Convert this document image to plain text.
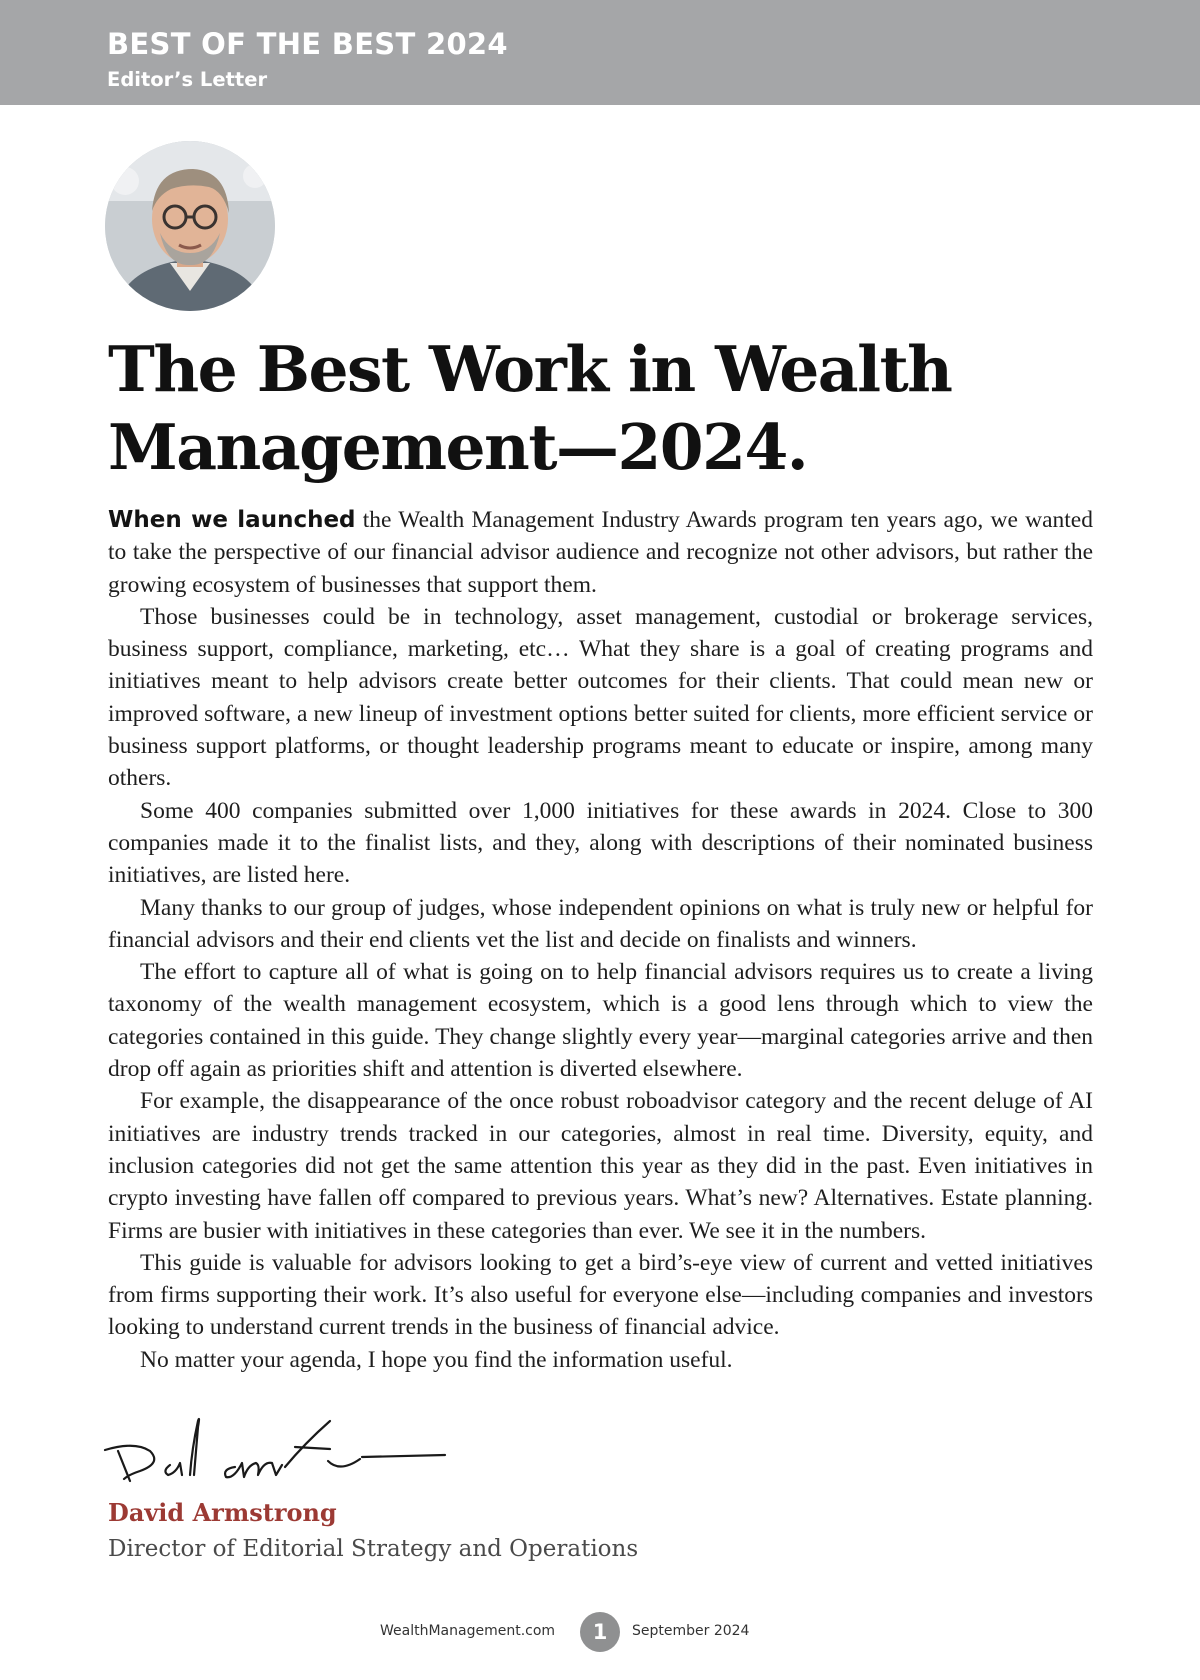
BEST OF THE BEST 2024
Editor’s Letter
The Best Work in Wealth Management—2024.

When we launched the Wealth Management Industry Awards program ten years ago, we wanted to take the perspective of our financial advisor audience and recognize not other advisors, but rather the growing ecosystem of businesses that support them.

Those businesses could be in technology, asset management, custodial or brokerage services, business support, compliance, marketing, etc… What they share is a goal of creating programs and initiatives meant to help advisors create better outcomes for their clients. That could mean new or improved software, a new lineup of investment options better suited for clients, more efficient service or business support platforms, or thought leadership programs meant to educate or inspire, among many others.

Some 400 companies submitted over 1,000 initiatives for these awards in 2024. Close to 300 companies made it to the finalist lists, and they, along with descriptions of their nominated business initiatives, are listed here.

Many thanks to our group of judges, whose independent opinions on what is truly new or helpful for financial advisors and their end clients vet the list and decide on finalists and winners.

The effort to capture all of what is going on to help financial advisors requires us to create a living taxonomy of the wealth management ecosystem, which is a good lens through which to view the categories contained in this guide. They change slightly every year—marginal categories arrive and then drop off again as priorities shift and attention is diverted elsewhere.

For example, the disappearance of the once robust roboadvisor category and the recent deluge of AI initiatives are industry trends tracked in our categories, almost in real time. Diversity, equity, and inclusion categories did not get the same attention this year as they did in the past. Even initiatives in crypto investing have fallen off compared to previous years. What’s new? Alternatives. Estate planning. Firms are busier with initiatives in these categories than ever. We see it in the numbers.

This guide is valuable for advisors looking to get a bird’s-eye view of current and vetted initiatives from firms supporting their work. It’s also useful for everyone else—including companies and investors looking to understand current trends in the business of financial advice.

No matter your agenda, I hope you find the information useful.

David Armstrong
Director of Editorial Strategy and Operations
WealthManagement.com	1	September 2024
